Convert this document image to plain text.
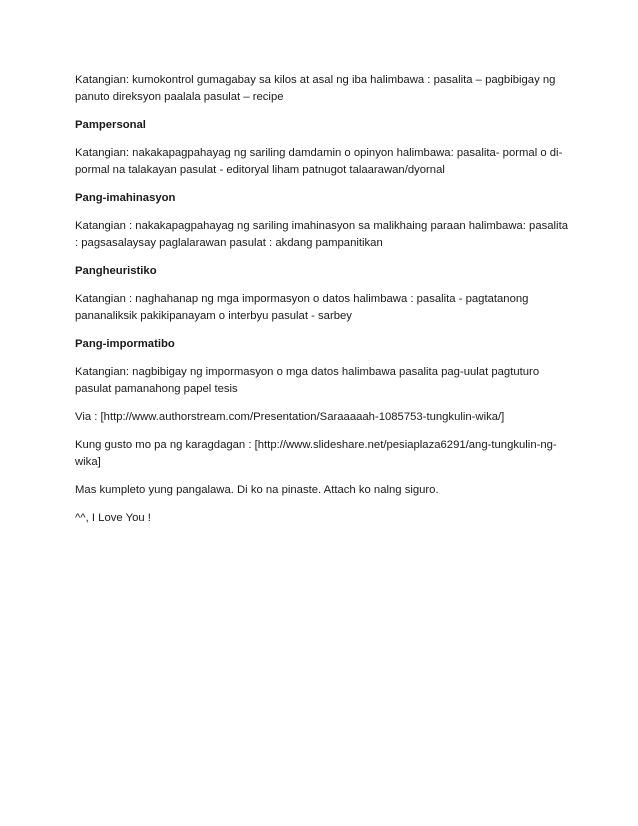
Katangian: kumokontrol gumagabay sa kilos at asal ng iba halimbawa : pasalita – pagbibigay ng panuto direksyon paalala pasulat – recipe

Pampersonal

Katangian: nakakapagpahayag ng sariling damdamin o opinyon halimbawa: pasalita- pormal o di-pormal na talakayan pasulat - editoryal liham patnugot talaarawan/dyornal

Pang-imahinasyon

Katangian : nakakapagpahayag ng sariling imahinasyon sa malikhaing paraan halimbawa: pasalita : pagsasalaysay paglalarawan pasulat : akdang pampanitikan

Pangheuristiko

Katangian : naghahanap ng mga impormasyon o datos halimbawa : pasalita - pagtatanong pananaliksik pakikipanayam o interbyu pasulat - sarbey

Pang-impormatibo

Katangian: nagbibigay ng impormasyon o mga datos halimbawa pasalita pag-uulat pagtuturo pasulat pamanahong papel tesis

Via : [http://www.authorstream.com/Presentation/Saraaaaah-1085753-tungkulin-wika/]

Kung gusto mo pa ng karagdagan : [http://www.slideshare.net/pesiaplaza6291/ang-tungkulin-ng-wika]

Mas kumpleto yung pangalawa. Di ko na pinaste. Attach ko nalng siguro.

^^, I Love You !
